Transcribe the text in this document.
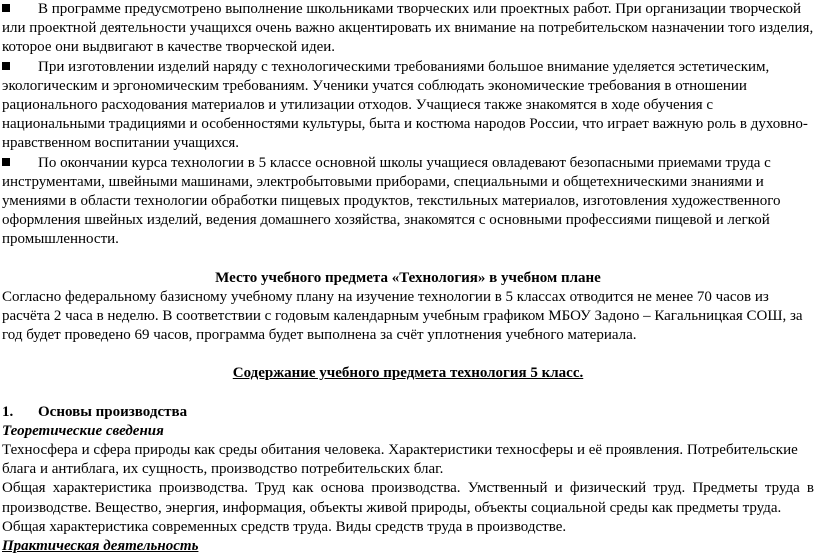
В программе предусмотрено выполнение школьниками творческих или проектных работ. При организации творческой или проектной деятельности учащихся очень важно акцентировать их внимание на потребительском назначении того изделия, которое они выдвигают в качестве творческой идеи.

При изготовлении изделий наряду с технологическими требованиями большое внимание уделяется эстетическим, экологическим и эргономическим требованиям. Ученики учатся соблюдать экономические требования в отношении рационального расходования материалов и утилизации отходов. Учащиеся также знакомятся в ходе обучения с национальными традициями и особенностями культуры, быта и костюма народов России, что играет важную роль в духовно-нравственном воспитании учащихся.

По окончании курса технологии в 5 классе основной школы учащиеся овладевают безопасными приемами труда с инструментами, швейными машинами, электробытовыми приборами, специальными и общетехническими знаниями и умениями в области технологии обработки пищевых продуктов, текстильных материалов, изготовления художественного оформления швейных изделий, ведения домашнего хозяйства, знакомятся с основными профессиями пищевой и легкой промышленности.

Место учебного предмета «Технология» в учебном плане

Согласно федеральному базисному учебному плану на изучение технологии в 5 классах отводится не менее 70 часов из расчёта 2 часа в неделю. В соответствии с годовым календарным учебным графиком МБОУ Задоно – Кагальницкая СОШ, за год будет проведено 69 часов, программа будет выполнена за счёт уплотнения учебного материала.

Содержание учебного предмета технология 5 класс.

1. Основы производства

Теоретические сведения

Техносфера и сфера природы как среды обитания человека. Характеристики техносферы и её проявления. Потребительские блага и антиблага, их сущность, производство потребительских благ.

Общая характеристика производства. Труд как основа производства. Умственный и физический труд. Предметы труда в производстве. Вещество, энергия, информация, объекты живой природы, объекты социальной среды как предметы труда.

Общая характеристика современных средств труда. Виды средств труда в производстве.

Практическая деятельность
